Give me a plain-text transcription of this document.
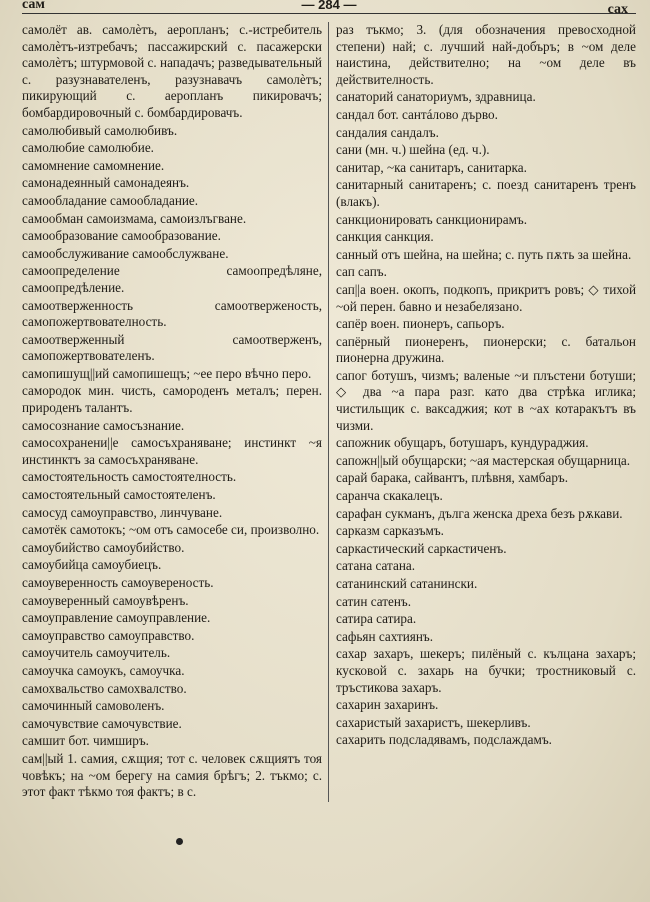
сам	— 284 —	сах

самолёт ав. самолѐтъ, аеропланъ; с.-истребитель самолѐтъ-изтребачъ; пассажирский с. пасажерски самолѐтъ; штурмовой с. нападачъ; разведывательный с. разузнавателенъ, разузнавачъ самолѐтъ; пикирующий с. аеропланъ пикировачъ; бомбардировочный с. бомбардировачъ.

самолюбивый самолюбивъ.

самолюбие самолюбие.

самомнение самомнение.

самонадеянный самонадеянъ.

самообладание самообладание.

самообман самоизмама, самоизлъгване.

самообразование самообразование.

самообслуживание самообслужване.

самоопределение самоопредѣляне, самоопредѣление.

самоотверженность самоотверженость, самопожертвователность.

самоотверженный самоотверженъ, самопожертвователенъ.

самопишущ||ий самопишещъ; ~ее перо вѣчно перо.

самородок мин. чисть, самороденъ металъ; перен. природенъ талантъ.

самосознание самосъзнание.

самосохранени||е самосъхраняване; инстинкт ~я инстинктъ за самосъхраняване.

самостоятельность самостоятелность.

самостоятельный самостоятеленъ.

самосуд самоуправство, линчуване.

самотёк самотокъ; ~ом отъ самосебе си, произволно.

самоубийство самоубийство.

самоубийца самоубиецъ.

самоуверенность самоувереность.

самоуверенный самоувѣренъ.

самоуправление самоуправление.

самоуправство самоуправство.

самоучитель самоучитель.

самоучка самоукъ, самоучка.

самохвальство самохвалство.

самочинный самоволенъ.

самочувствие самочувствие.

самшит бот. чимширъ.

сам||ый 1. самия, сѫщия; тот с. человек сѫщиятъ тоя човѣкъ; на ~ом берегу на самия брѣгъ; 2. тъкмо; с. этот факт тѣкмо тоя фактъ; в с.

раз тъкмо; 3. (для обозначения превосходной степени) най; с. лучший най-добъръ; в ~ом деле наистина, действително; на ~ом деле въ действителность.

санаторий санаториумъ, здравница.

сандал бот. сантáлово дърво.

сандалия сандалъ.

сани (мн. ч.) шейна (ед. ч.).

санитар, ~ка санитаръ, санитарка.

санитарный санитаренъ; с. поезд санитаренъ тренъ (влакъ).

санкционировать санкционирамъ.

санкция санкция.

санный отъ шейна, на шейна; с. путь пѫть за шейна.

сап сапъ.

сап||а воен. окопъ, подкопъ, прикритъ ровъ; ◇ тихой ~ой перен. бавно и незабелязано.

сапёр воен. пионеръ, сапьоръ.

сапёрный пионеренъ, пионерски; с. батальон пионерна дружина.

сапог ботушъ, чизмъ; валеные ~и плъстени ботуши; ◇ два ~а пара разг. като два стрѣка иглика; чистильщик с. ваксаджия; кот в ~ах котаракътъ въ чизми.

сапожник обущаръ, ботушаръ, кундураджия.

сапожн||ый обущарски; ~ая мастерская обущарница.

сарай барака, сайвантъ, плѣвня, хамбаръ.

саранча скакалецъ.

сарафан сукманъ, дълга женска дреха безъ рѫкави.

сарказм сарказъмъ.

саркастический саркастиченъ.

сатана сатана.

сатанинский сатанински.

сатин сатенъ.

сатира сатира.

сафьян сахтиянъ.

сахар захаръ, шекеръ; пилёный с. кълцана захаръ; кусковой с. захарь на бучки; тростниковый с. тръстикова захаръ.

сахарин захаринъ.

сахаристый захаристъ, шекерливъ.

сахарить подсладявамъ, подслаждамъ.
